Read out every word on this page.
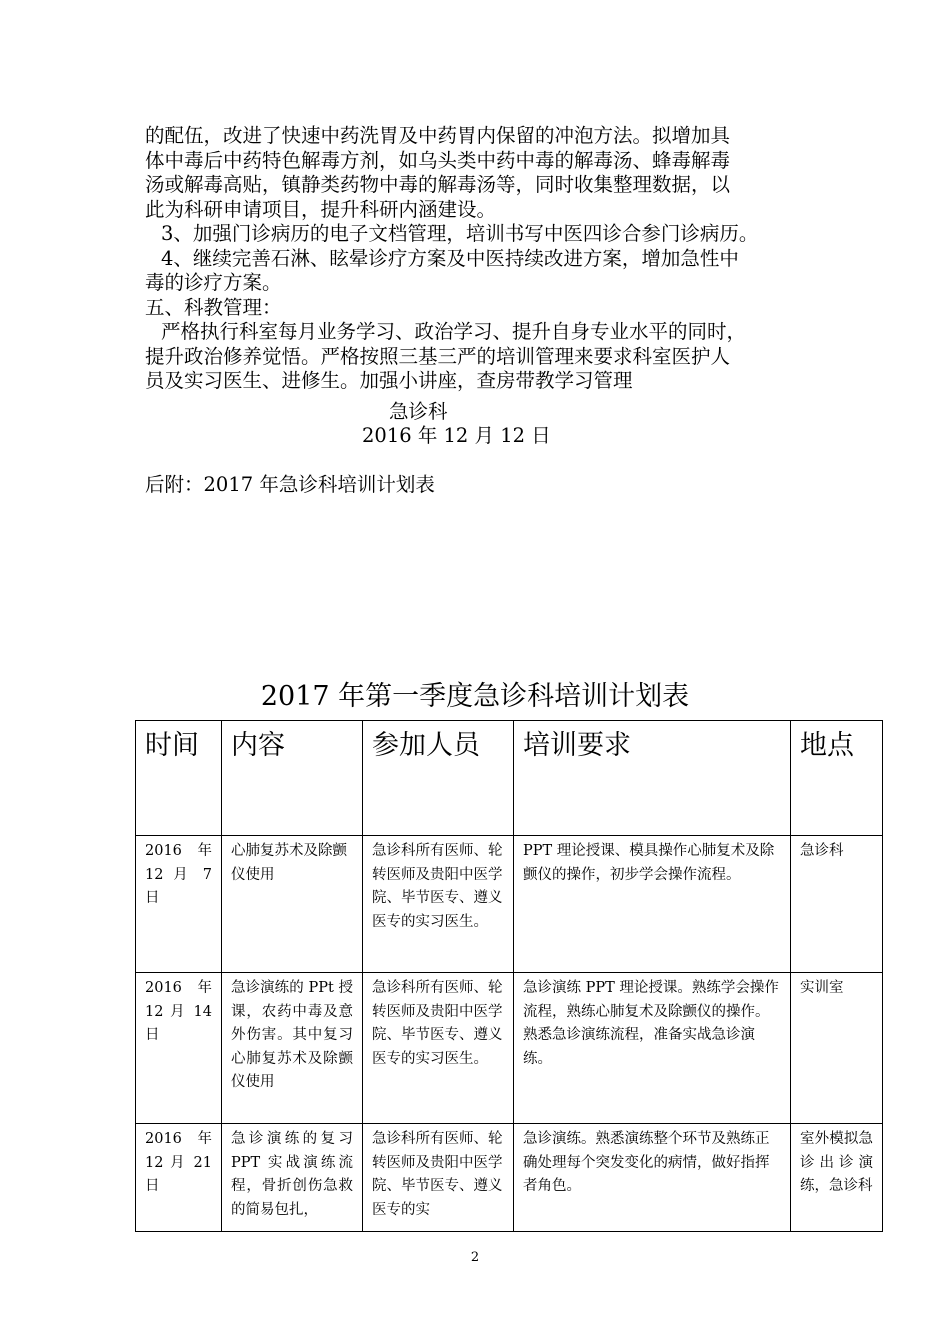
的配伍，改进了快速中药洗胃及中药胃内保留的冲泡方法。拟增加具

体中毒后中药特色解毒方剂，如乌头类中药中毒的解毒汤、蜂毒解毒

汤或解毒高贴，镇静类药物中毒的解毒汤等，同时收集整理数据，以

此为科研申请项目，提升科研内涵建设。

3、加强门诊病历的电子文档管理，培训书写中医四诊合参门诊病历。

4、继续完善石淋、眩晕诊疗方案及中医持续改进方案，增加急性中

毒的诊疗方案。

五、科教管理：

严格执行科室每月业务学习、政治学习、提升自身专业水平的同时，

提升政治修养觉悟。严格按照三基三严的培训管理来要求科室医护人

员及实习医生、进修生。加强小讲座，查房带教学习管理

急诊科
2016 年 12 月 12 日
后附：2017 年急诊科培训计划表
2017 年第一季度急诊科培训计划表
时间	内容	参加人员	培训要求	地点
2016 年 12 月 7 日	心肺复苏术及除颤仪使用	急诊科所有医师、轮转医师及贵阳中医学院、毕节医专、遵义医专的实习医生。	PPT 理论授课、模具操作心肺复术及除颤仪的操作，初步学会操作流程。	急诊科
2016 年 12 月 14 日	急诊演练的 PPt 授课，农药中毒及意外伤害。其中复习心肺复苏术及除颤仪使用	急诊科所有医师、轮转医师及贵阳中医学院、毕节医专、遵义医专的实习医生。	急诊演练 PPT 理论授课。熟练学会操作流程，熟练心肺复术及除颤仪的操作。熟悉急诊演练流程，准备实战急诊演练。	实训室
2016 年 12 月 21 日	急诊演练的复习 PPT 实战演练流程，骨折创伤急救的简易包扎，	急诊科所有医师、轮转医师及贵阳中医学院、毕节医专、遵义医专的实	急诊演练。熟悉演练整个环节及熟练正确处理每个突发变化的病情，做好指挥者角色。	室外模拟急诊出诊演练，急诊科
2
